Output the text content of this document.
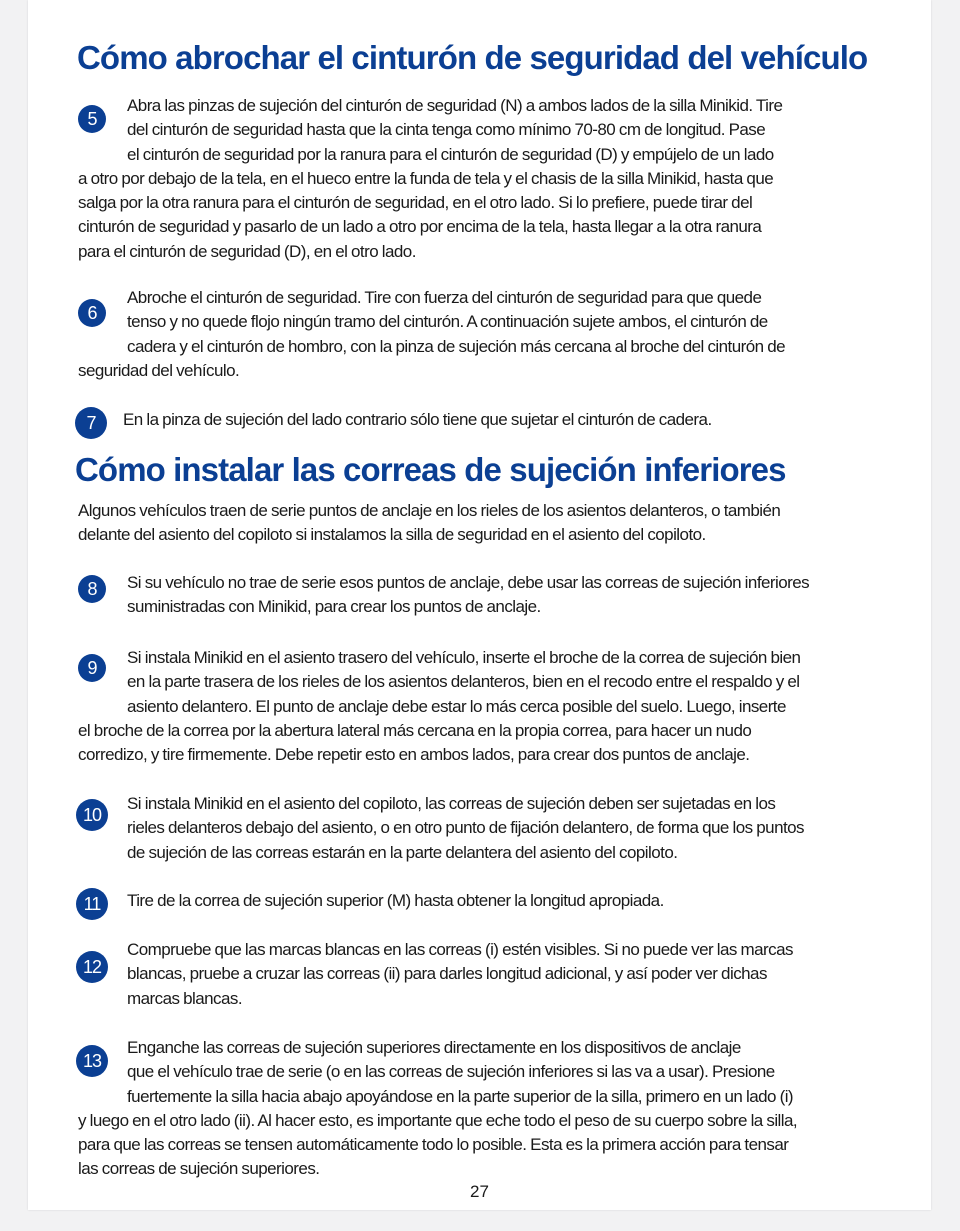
Cómo abrochar el cinturón de seguridad del vehículo
5

Abra las pinzas de sujeción del cinturón de seguridad (N) a ambos lados de la silla Minikid. Tire
del cinturón de seguridad hasta que la cinta tenga como mínimo 70-80 cm de longitud. Pase
el cinturón de seguridad por la ranura para el cinturón de seguridad (D) y empújelo de un lado
a otro por debajo de la tela, en el hueco entre la funda de tela y el chasis de la silla Minikid, hasta que
salga por la otra ranura para el cinturón de seguridad, en el otro lado. Si lo prefiere, puede tirar del
cinturón de seguridad y pasarlo de un lado a otro por encima de la tela, hasta llegar a la otra ranura
para el cinturón de seguridad (D), en el otro lado.

6

Abroche el cinturón de seguridad. Tire con fuerza del cinturón de seguridad para que quede
tenso y no quede flojo ningún tramo del cinturón. A continuación sujete ambos, el cinturón de
cadera y el cinturón de hombro, con la pinza de sujeción más cercana al broche del cinturón de
seguridad del vehículo.

7	En la pinza de sujeción del lado contrario sólo tiene que sujetar el cinturón de cadera.

Cómo instalar las correas de sujeción inferiores

Algunos vehículos traen de serie puntos de anclaje en los rieles de los asientos delanteros, o también
delante del asiento del copiloto si instalamos la silla de seguridad en el asiento del copiloto.

8	Si su vehículo no trae de serie esos puntos de anclaje, debe usar las correas de sujeción inferiores
suministradas con Minikid, para crear los puntos de anclaje.

9

Si instala Minikid en el asiento trasero del vehículo, inserte el broche de la correa de sujeción bien
en la parte trasera de los rieles de los asientos delanteros, bien en el recodo entre el respaldo y el
asiento delantero. El punto de anclaje debe estar lo más cerca posible del suelo. Luego, inserte
el broche de la correa por la abertura lateral más cercana en la propia correa, para hacer un nudo
corredizo, y tire firmemente. Debe repetir esto en ambos lados, para crear dos puntos de anclaje.

10

Si instala Minikid en el asiento del copiloto, las correas de sujeción deben ser sujetadas en los
rieles delanteros debajo del asiento, o en otro punto de fijación delantero, de forma que los puntos
de sujeción de las correas estarán en la parte delantera del asiento del copiloto.

11	Tire de la correa de sujeción superior (M) hasta obtener la longitud apropiada.

12

Compruebe que las marcas blancas en las correas (i) estén visibles. Si no puede ver las marcas
blancas, pruebe a cruzar las correas (ii) para darles longitud adicional, y así poder ver dichas
marcas blancas.

13

Enganche las correas de sujeción superiores directamente en los dispositivos de anclaje
que el vehículo trae de serie (o en las correas de sujeción inferiores si las va a usar). Presione
fuertemente la silla hacia abajo apoyándose en la parte superior de la silla, primero en un lado (i)
y luego en el otro lado (ii). Al hacer esto, es importante que eche todo el peso de su cuerpo sobre la silla,
para que las correas se tensen automáticamente todo lo posible. Esta es la primera acción para tensar
las correas de sujeción superiores.

27
